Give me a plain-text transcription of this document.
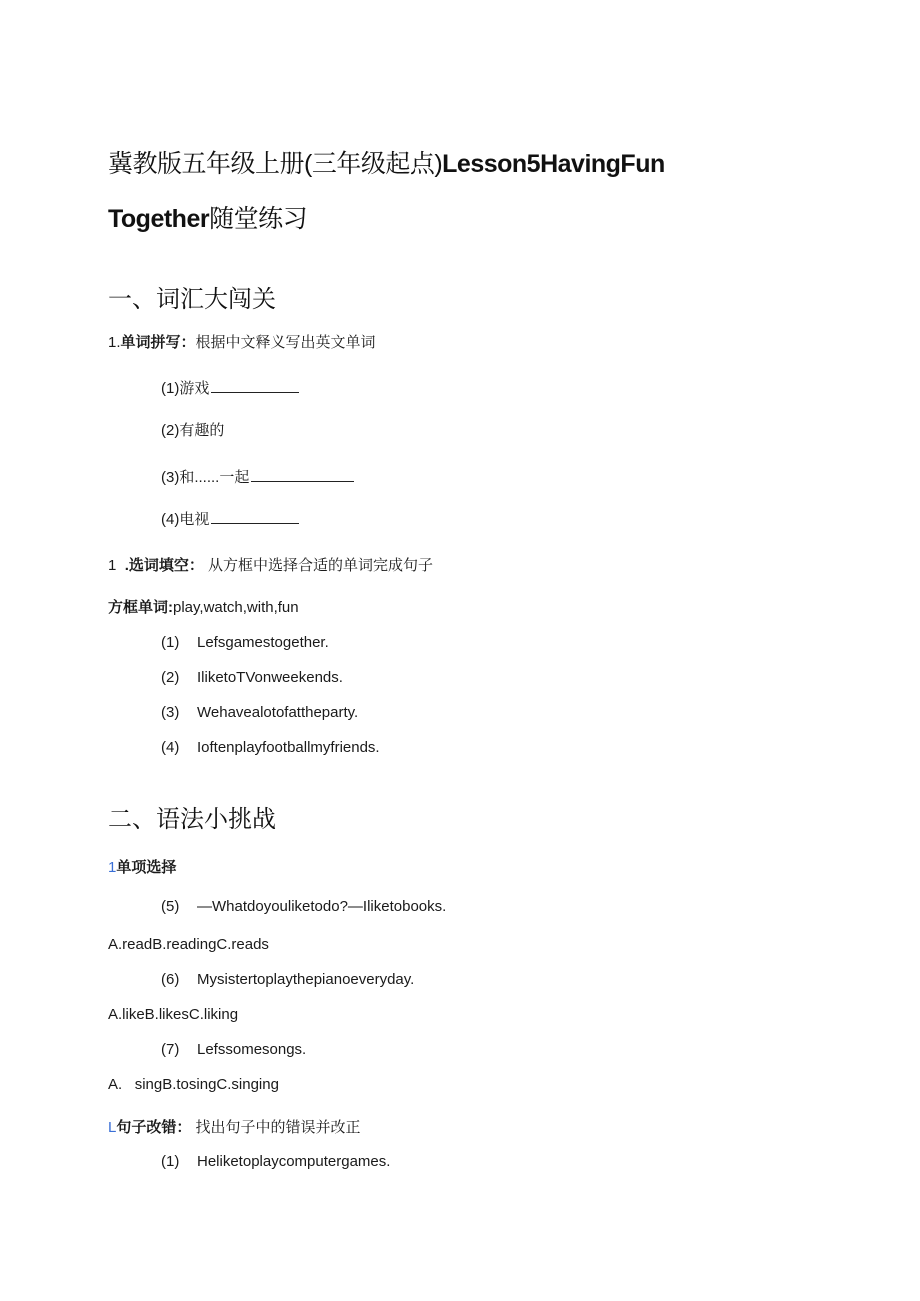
冀教版五年级上册(三年级起点)Lesson5HavingFun
Together随堂练习
一、词汇大闯关
1.单词拼写：根据中文释义写出英文单词
(1)游戏
(2)有趣的
(3)和......一起
(4)电视
1 .选词填空： 从方框中选择合适的单词完成句子
方框单词:play,watch,with,fun
(1) Lefsgamestogether.
(2) IliketoTVonweekends.
(3) Wehavealotofattheparty.
(4) Ioftenplayfootballmyfriends.
二、语法小挑战
1单项选择
(5) —Whatdoyouliketodo?—Iliketobooks.
A.readB.readingC.reads
(6) Mysistertoplaythepianoeveryday.
A.likeB.likesC.liking
(7) Lefssomesongs.
A. singB.tosingC.singing
L句子改错： 找出句子中的错误并改正
(1) Heliketoplaycomputergames.
